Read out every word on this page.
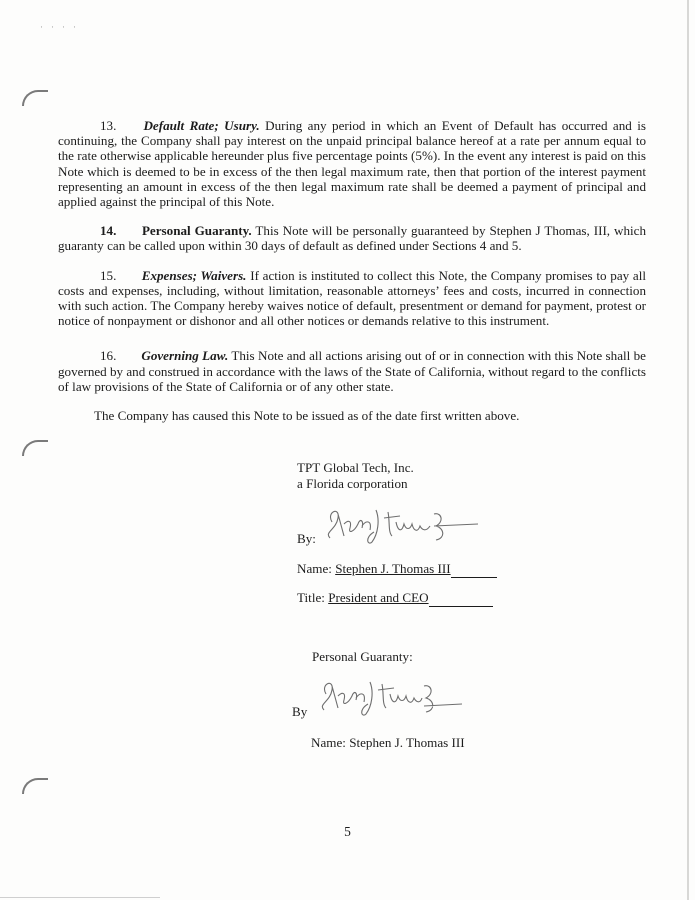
····

13. Default Rate; Usury. During any period in which an Event of Default has occurred and is continuing, the Company shall pay interest on the unpaid principal balance hereof at a rate per annum equal to the rate otherwise applicable hereunder plus five percentage points (5%). In the event any interest is paid on this Note which is deemed to be in excess of the then legal maximum rate, then that portion of the interest payment representing an amount in excess of the then legal maximum rate shall be deemed a payment of principal and applied against the principal of this Note.

14. Personal Guaranty. This Note will be personally guaranteed by Stephen J Thomas, III, which guaranty can be called upon within 30 days of default as defined under Sections 4 and 5.

15. Expenses; Waivers. If action is instituted to collect this Note, the Company promises to pay all costs and expenses, including, without limitation, reasonable attorneys’ fees and costs, incurred in connection with such action. The Company hereby waives notice of default, presentment or demand for payment, protest or notice of nonpayment or dishonor and all other notices or demands relative to this instrument.

16. Governing Law. This Note and all actions arising out of or in connection with this Note shall be governed by and construed in accordance with the laws of the State of California, without regard to the conflicts of law provisions of the State of California or of any other state.

The Company has caused this Note to be issued as of the date first written above.

TPT Global Tech, Inc.
a Florida corporation
By:
Name: Stephen J. Thomas III
Title: President and CEO
Personal Guaranty:
By
Name: Stephen J. Thomas III
5
